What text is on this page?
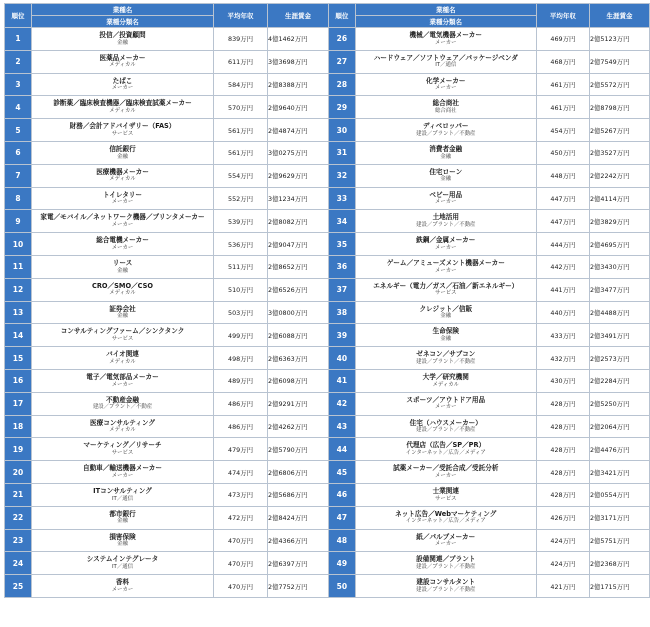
順位	業種名	平均年収	生涯賃金
	業種分類名		
1	投信／投資顧問
金融	839万円	4億1462万円
2	医薬品メーカー
メディカル	611万円	3億3698万円
3	たばこ
メーカー	584万円	2億8388万円
4	診断薬／臨床検査機器／臨床検査試薬メーカー
メディカル	570万円	2億9640万円
5	財務／会計アドバイザリー（FAS）
サービス	561万円	2億4874万円
6	信託銀行
金融	561万円	3億0275万円
7	医療機器メーカー
メディカル	554万円	2億9629万円
8	トイレタリー
メーカー	552万円	3億1234万円
9	家電／モバイル／ネットワーク機器／プリンタメーカー
メーカー	539万円	2億8082万円
10	総合電機メーカー
メーカー	536万円	2億9047万円
11	リース
金融	511万円	2億8652万円
12	CRO／SMO／CSO
メディカル	510万円	2億6526万円
13	証券会社
金融	503万円	3億0800万円
14	コンサルティングファーム／シンクタンク
サービス	499万円	2億6088万円
15	バイオ関連
メディカル	498万円	2億6363万円
16	電子／電気部品メーカー
メーカー	489万円	2億6098万円
17	不動産金融
建設／プラント／不動産	486万円	2億9291万円
18	医療コンサルティング
メディカル	486万円	2億4262万円
19	マーケティング／リサーチ
サービス	479万円	2億5790万円
20	自動車／輸送機器メーカー
メーカー	474万円	2億6806万円
21	ITコンサルティング
IT／通信	473万円	2億5686万円
22	都市銀行
金融	472万円	2億8424万円
23	損害保険
金融	470万円	2億4366万円
24	システムインテグレータ
IT／通信	470万円	2億6397万円
25	香料
メーカー	470万円	2億7752万円
順位	業種名	平均年収	生涯賃金
	業種分類名		
26	機械／電気機器メーカー
メーカー	469万円	2億5123万円
27	ハードウェア／ソフトウェア／パッケージベンダ
IT／通信	468万円	2億7549万円
28	化学メーカー
メーカー	461万円	2億5572万円
29	総合商社
総合商社	461万円	2億8798万円
30	ディベロッパー
建設／プラント／不動産	454万円	2億5267万円
31	消費者金融
金融	450万円	2億3527万円
32	住宅ローン
金融	448万円	2億2242万円
33	ベビー用品
メーカー	447万円	2億4114万円
34	土地活用
建設／プラント／不動産	447万円	2億3829万円
35	鉄鋼／金属メーカー
メーカー	444万円	2億4695万円
36	ゲーム／アミューズメント機器メーカー
メーカー	442万円	2億3430万円
37	エネルギー（電力／ガス／石油／新エネルギー）
サービス	441万円	2億3477万円
38	クレジット／信販
金融	440万円	2億4488万円
39	生命保険
金融	433万円	2億3491万円
40	ゼネコン／サブコン
建設／プラント／不動産	432万円	2億2573万円
41	大学／研究機関
メディカル	430万円	2億2284万円
42	スポーツ／アウトドア用品
メーカー	428万円	2億5250万円
43	住宅（ハウスメーカー）
建設／プラント／不動産	428万円	2億2064万円
44	代理店（広告／SP／PR）
インターネット／広告／メディア	428万円	2億4476万円
45	試薬メーカー／受託合成／受託分析
メーカー	428万円	2億3421万円
46	士業関連
サービス	428万円	2億0554万円
47	ネット広告／Webマーケティング
インターネット／広告／メディア	426万円	2億3171万円
48	紙／パルプメーカー
メーカー	424万円	2億5751万円
49	設備関連／プラント
建設／プラント／不動産	424万円	2億2368万円
50	建設コンサルタント
建設／プラント／不動産	421万円	2億1715万円
